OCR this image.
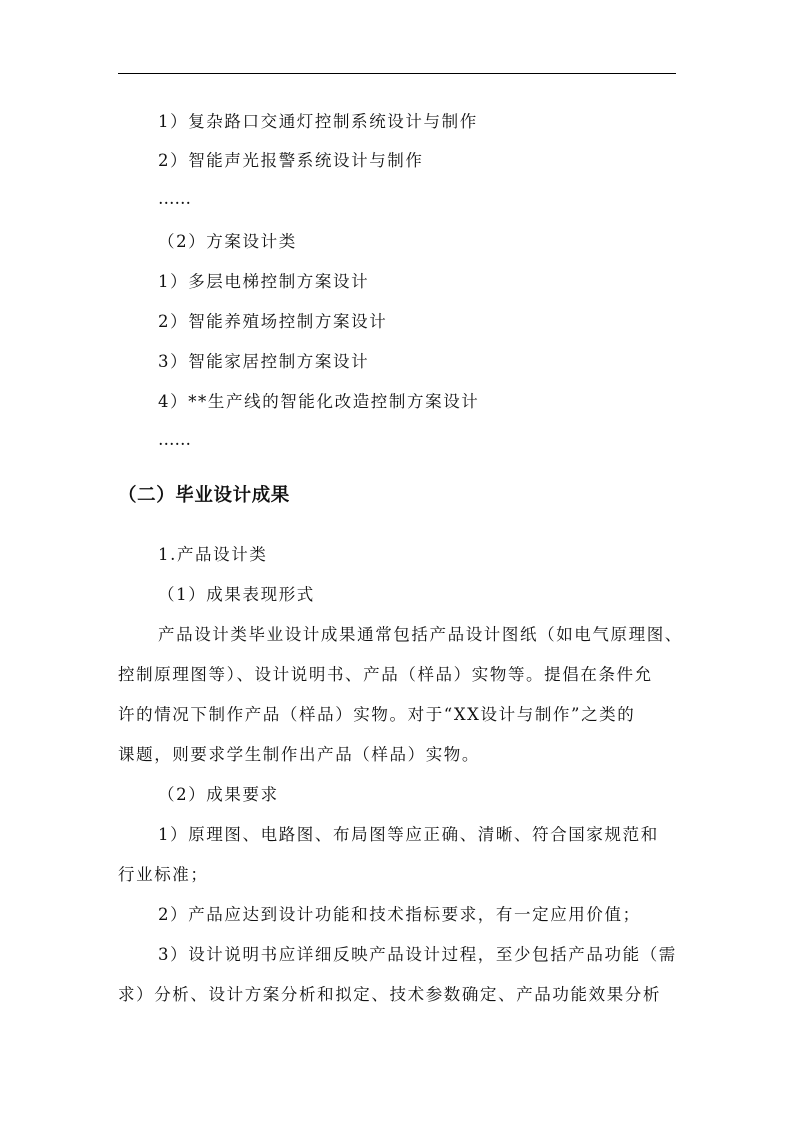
1）复杂路口交通灯控制系统设计与制作
2）智能声光报警系统设计与制作
……
（2）方案设计类
1）多层电梯控制方案设计
2）智能养殖场控制方案设计
3）智能家居控制方案设计
4）**生产线的智能化改造控制方案设计
……
（二）毕业设计成果
1.产品设计类
（1）成果表现形式
产品设计类毕业设计成果通常包括产品设计图纸（如电气原理图、
控制原理图等）、设计说明书、产品（样品）实物等。提倡在条件允
许的情况下制作产品（样品）实物。对于“XX设计与制作”之类的
课题，则要求学生制作出产品（样品）实物。
（2）成果要求
1）原理图、电路图、布局图等应正确、清晰、符合国家规范和
行业标准；
2）产品应达到设计功能和技术指标要求，有一定应用价值；
3）设计说明书应详细反映产品设计过程，至少包括产品功能（需
求）分析、设计方案分析和拟定、技术参数确定、产品功能效果分析
